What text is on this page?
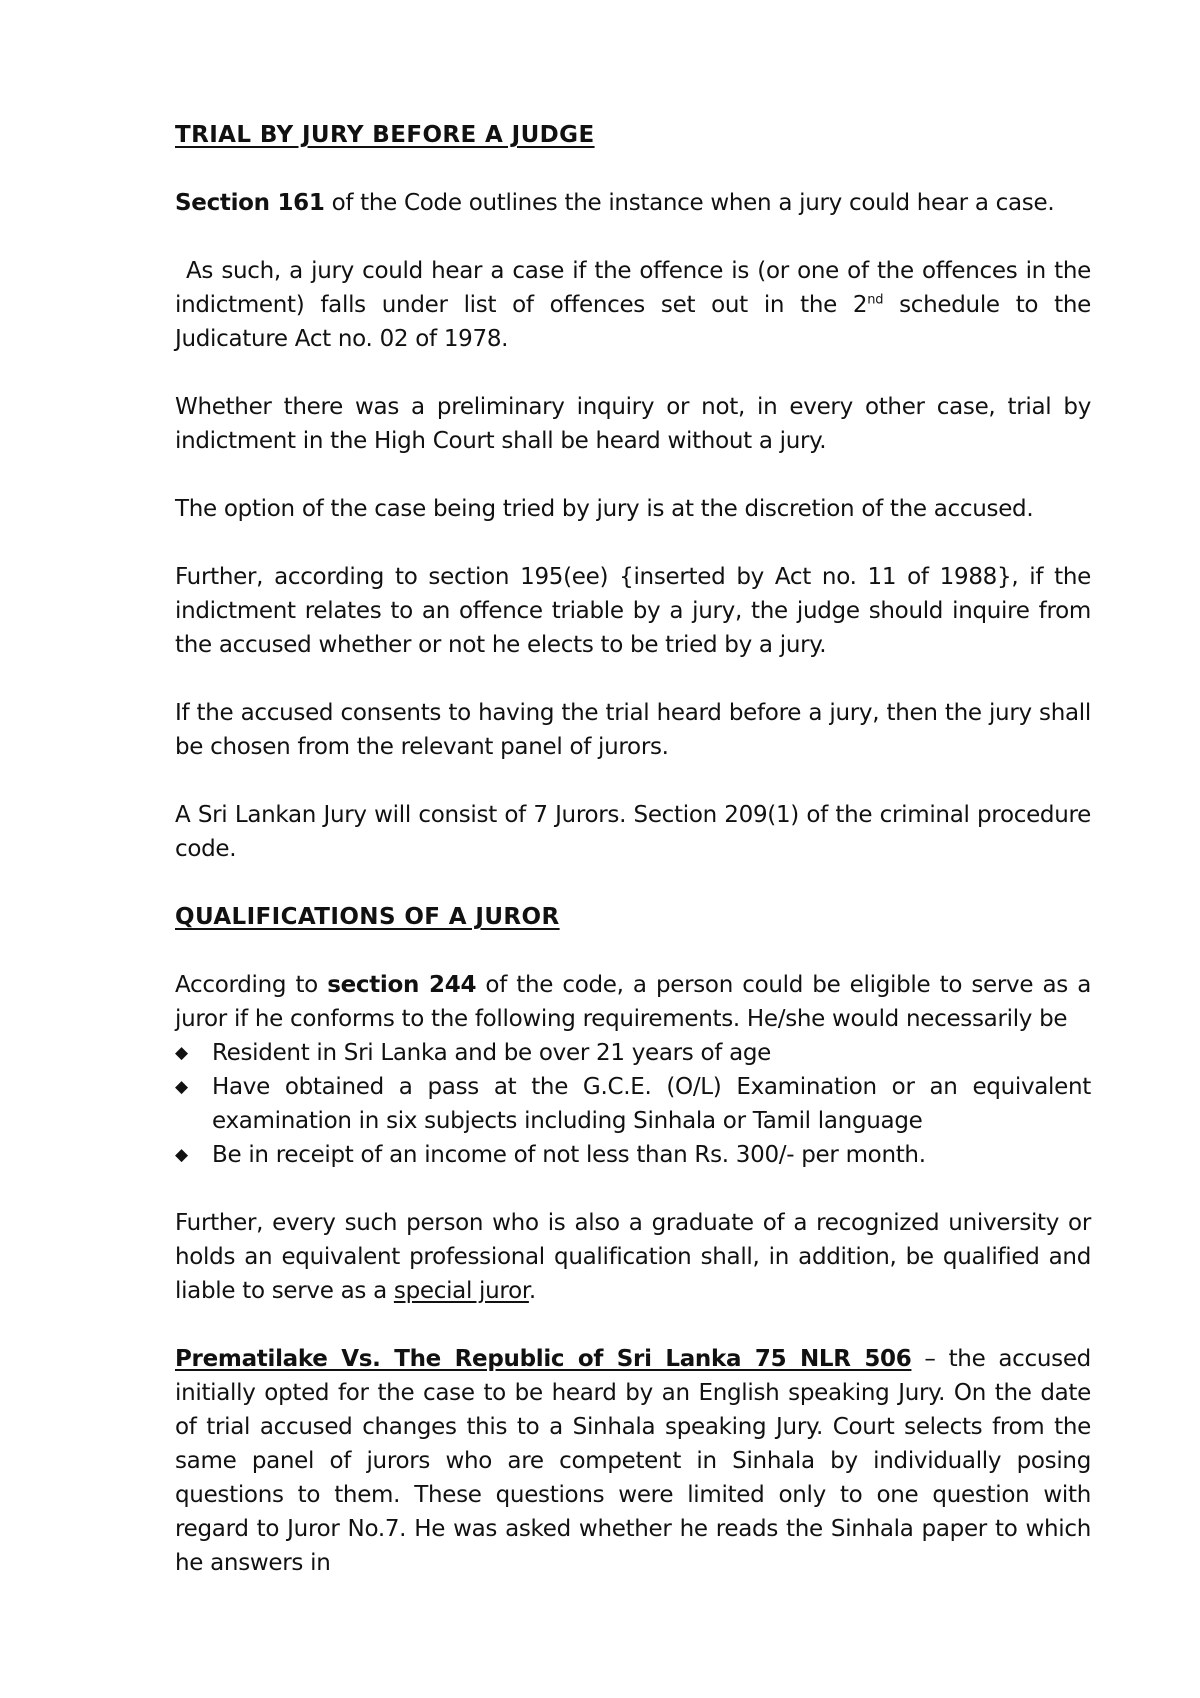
TRIAL BY JURY BEFORE A JUDGE

Section 161 of the Code outlines the instance when a jury could hear a case.

As such, a jury could hear a case if the offence is (or one of the offences in the indictment) falls under list of offences set out in the 2nd schedule to the Judicature Act no. 02 of 1978.

Whether there was a preliminary inquiry or not, in every other case, trial by indictment in the High Court shall be heard without a jury.

The option of the case being tried by jury is at the discretion of the accused.

Further, according to section 195(ee) {inserted by Act no. 11 of 1988}, if the indictment relates to an offence triable by a jury, the judge should inquire from the accused whether or not he elects to be tried by a jury.

If the accused consents to having the trial heard before a jury, then the jury shall be chosen from the relevant panel of jurors.

A Sri Lankan Jury will consist of 7 Jurors. Section 209(1) of the criminal procedure code.

QUALIFICATIONS OF A JUROR

According to section 244 of the code, a person could be eligible to serve as a juror if he conforms to the following requirements. He/she would necessarily be

◆ Resident in Sri Lanka and be over 21 years of age
◆ Have obtained a pass at the G.C.E. (O/L) Examination or an equivalent examination in six subjects including Sinhala or Tamil language
◆ Be in receipt of an income of not less than Rs. 300/- per month.

Further, every such person who is also a graduate of a recognized university or holds an equivalent professional qualification shall, in addition, be qualified and liable to serve as a special juror.

Prematilake Vs. The Republic of Sri Lanka 75 NLR 506 – the accused initially opted for the case to be heard by an English speaking Jury. On the date of trial accused changes this to a Sinhala speaking Jury. Court selects from the same panel of jurors who are competent in Sinhala by individually posing questions to them. These questions were limited only to one question with regard to Juror No.7. He was asked whether he reads the Sinhala paper to which he answers in
